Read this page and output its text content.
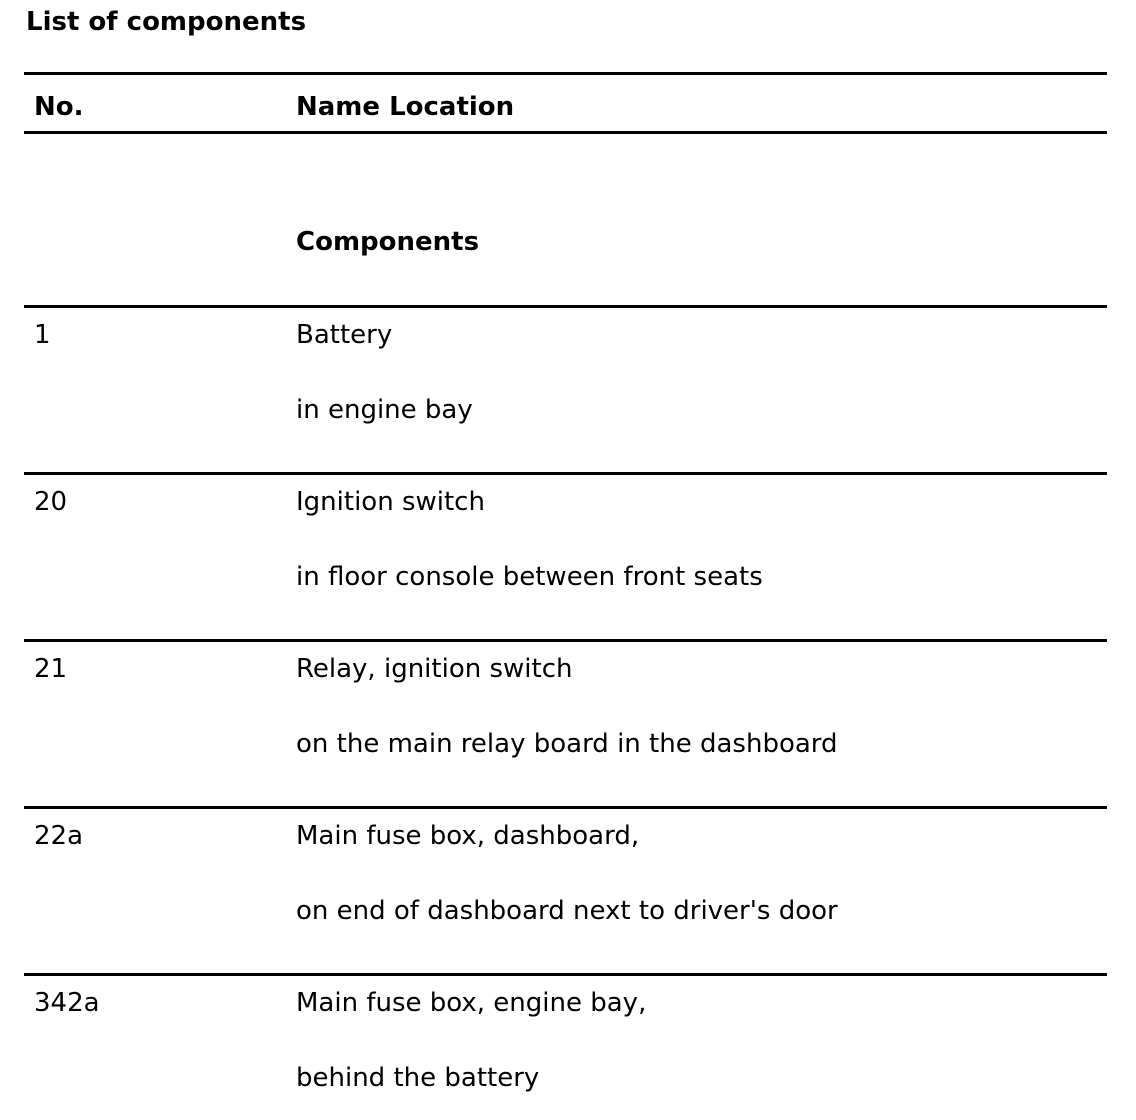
List of components
No.	Name Location
Components
1	Battery
in engine bay
20	Ignition switch
in floor console between front seats
21	Relay, ignition switch
on the main relay board in the dashboard
22a	Main fuse box, dashboard,
on end of dashboard next to driver's door
342a	Main fuse box, engine bay,
behind the battery
